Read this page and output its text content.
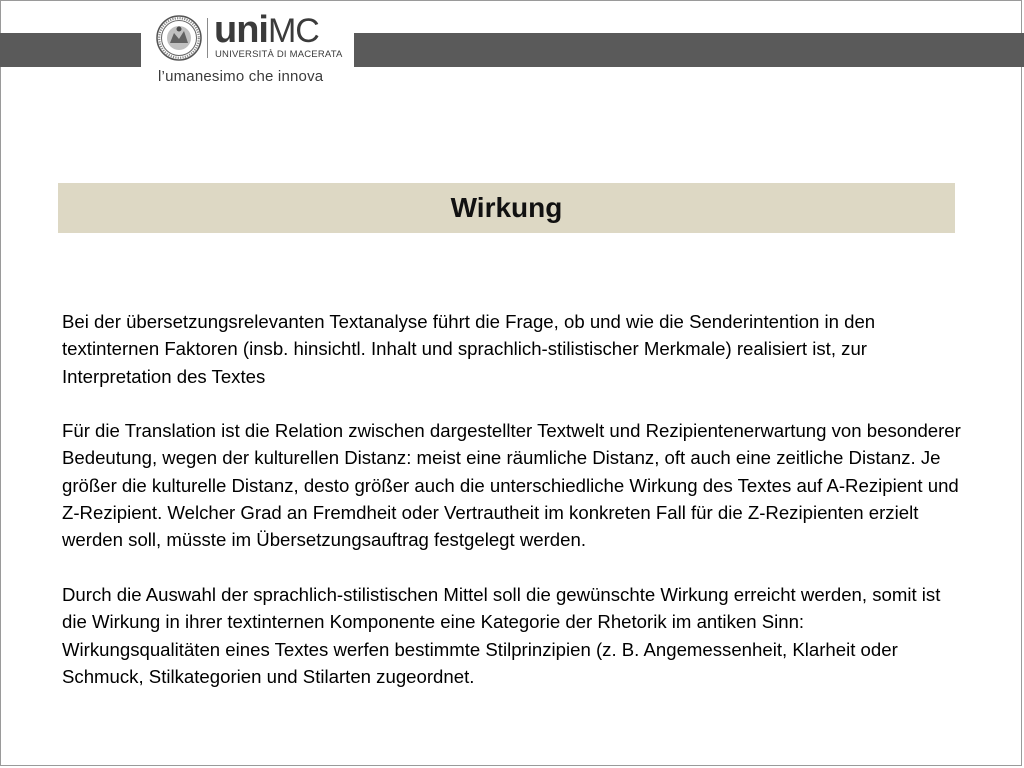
uniMC
UNIVERSITÀ DI MACERATA
l’umanesimo che innova
Wirkung

Bei der übersetzungsrelevanten Textanalyse führt die Frage, ob und wie die Senderintention in den textinternen Faktoren (insb. hinsichtl. Inhalt und sprachlich-stilistischer Merkmale) realisiert ist, zur Interpretation des Textes

Für die Translation ist die Relation zwischen dargestellter Textwelt und Rezipientenerwartung von besonderer Bedeutung, wegen der kulturellen Distanz: meist eine räumliche Distanz, oft auch eine zeitliche Distanz. Je größer die kulturelle Distanz, desto größer auch die unterschiedliche Wirkung des Textes auf A-Rezipient und Z-Rezipient. Welcher Grad an Fremdheit oder Vertrautheit im konkreten Fall für die Z-Rezipienten erzielt werden soll, müsste im Übersetzungsauftrag festgelegt werden.

Durch die Auswahl der sprachlich-stilistischen Mittel soll die gewünschte Wirkung erreicht werden, somit ist die Wirkung in ihrer textinternen Komponente eine Kategorie der Rhetorik im antiken Sinn: Wirkungsqualitäten eines Textes werfen bestimmte Stilprinzipien (z. B. Angemessenheit, Klarheit oder Schmuck, Stilkategorien und Stilarten zugeordnet.
